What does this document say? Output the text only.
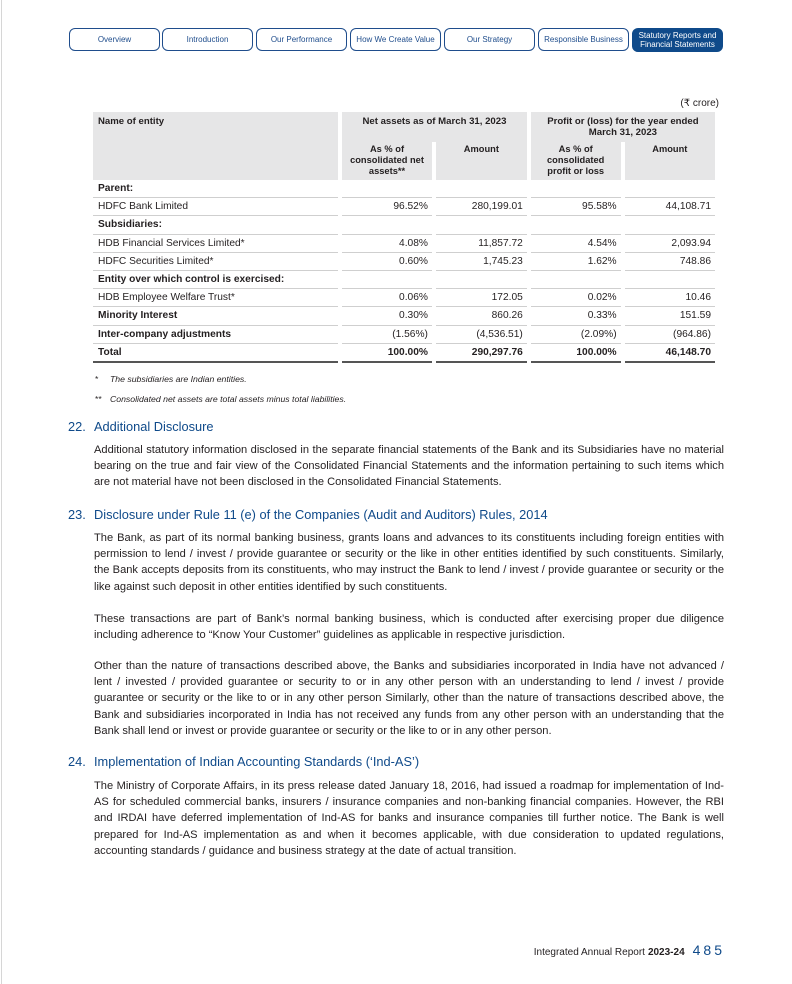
Overview	Introduction	Our Performance	How We Create Value	Our Strategy	Responsible Business	Statutory Reports and Financial Statements
(₹ crore)
Name of entity	Net assets as of March 31, 2023		Profit or (loss) for the year ended March 31, 2023	
	As % of consolidated net assets**	Amount	As % of consolidated profit or loss	Amount
Parent:				
HDFC Bank Limited	96.52%	280,199.01	95.58%	44,108.71
Subsidiaries:				
HDB Financial Services Limited*	4.08%	11,857.72	4.54%	2,093.94
HDFC Securities Limited*	0.60%	1,745.23	1.62%	748.86
Entity over which control is exercised:				
HDB Employee Welfare Trust*	0.06%	172.05	0.02%	10.46
Minority Interest	0.30%	860.26	0.33%	151.59
Inter-company adjustments	(1.56%)	(4,536.51)	(2.09%)	(964.86)
Total	100.00%	290,297.76	100.00%	46,148.70
* The subsidiaries are Indian entities.
** Consolidated net assets are total assets minus total liabilities.
22. Additional Disclosure

Additional statutory information disclosed in the separate financial statements of the Bank and its Subsidiaries have no material bearing on the true and fair view of the Consolidated Financial Statements and the information pertaining to such items which are not material have not been disclosed in the Consolidated Financial Statements.

23. Disclosure under Rule 11 (e) of the Companies (Audit and Auditors) Rules, 2014

The Bank, as part of its normal banking business, grants loans and advances to its constituents including foreign entities with permission to lend / invest / provide guarantee or security or the like in other entities identified by such constituents. Similarly, the Bank accepts deposits from its constituents, who may instruct the Bank to lend / invest / provide guarantee or security or the like against such deposit in other entities identified by such constituents.

These transactions are part of Bank’s normal banking business, which is conducted after exercising proper due diligence including adherence to “Know Your Customer” guidelines as applicable in respective jurisdiction.

Other than the nature of transactions described above, the Banks and subsidiaries incorporated in India have not advanced / lent / invested / provided guarantee or security to or in any other person with an understanding to lend / invest / provide guarantee or security or the like to or in any other person Similarly, other than the nature of transactions described above, the Bank and subsidiaries incorporated in India has not received any funds from any other person with an understanding that the Bank shall lend or invest or provide guarantee or security or the like to or in any other person.

24. Implementation of Indian Accounting Standards (‘Ind-AS’)

The Ministry of Corporate Affairs, in its press release dated January 18, 2016, had issued a roadmap for implementation of Ind-AS for scheduled commercial banks, insurers / insurance companies and non-banking financial companies. However, the RBI and IRDAI have deferred implementation of Ind-AS for banks and insurance companies till further notice. The Bank is well prepared for Ind-AS implementation as and when it becomes applicable, with due consideration to updated regulations, accounting standards / guidance and business strategy at the date of actual transition.

Integrated Annual Report 2023-24 485
